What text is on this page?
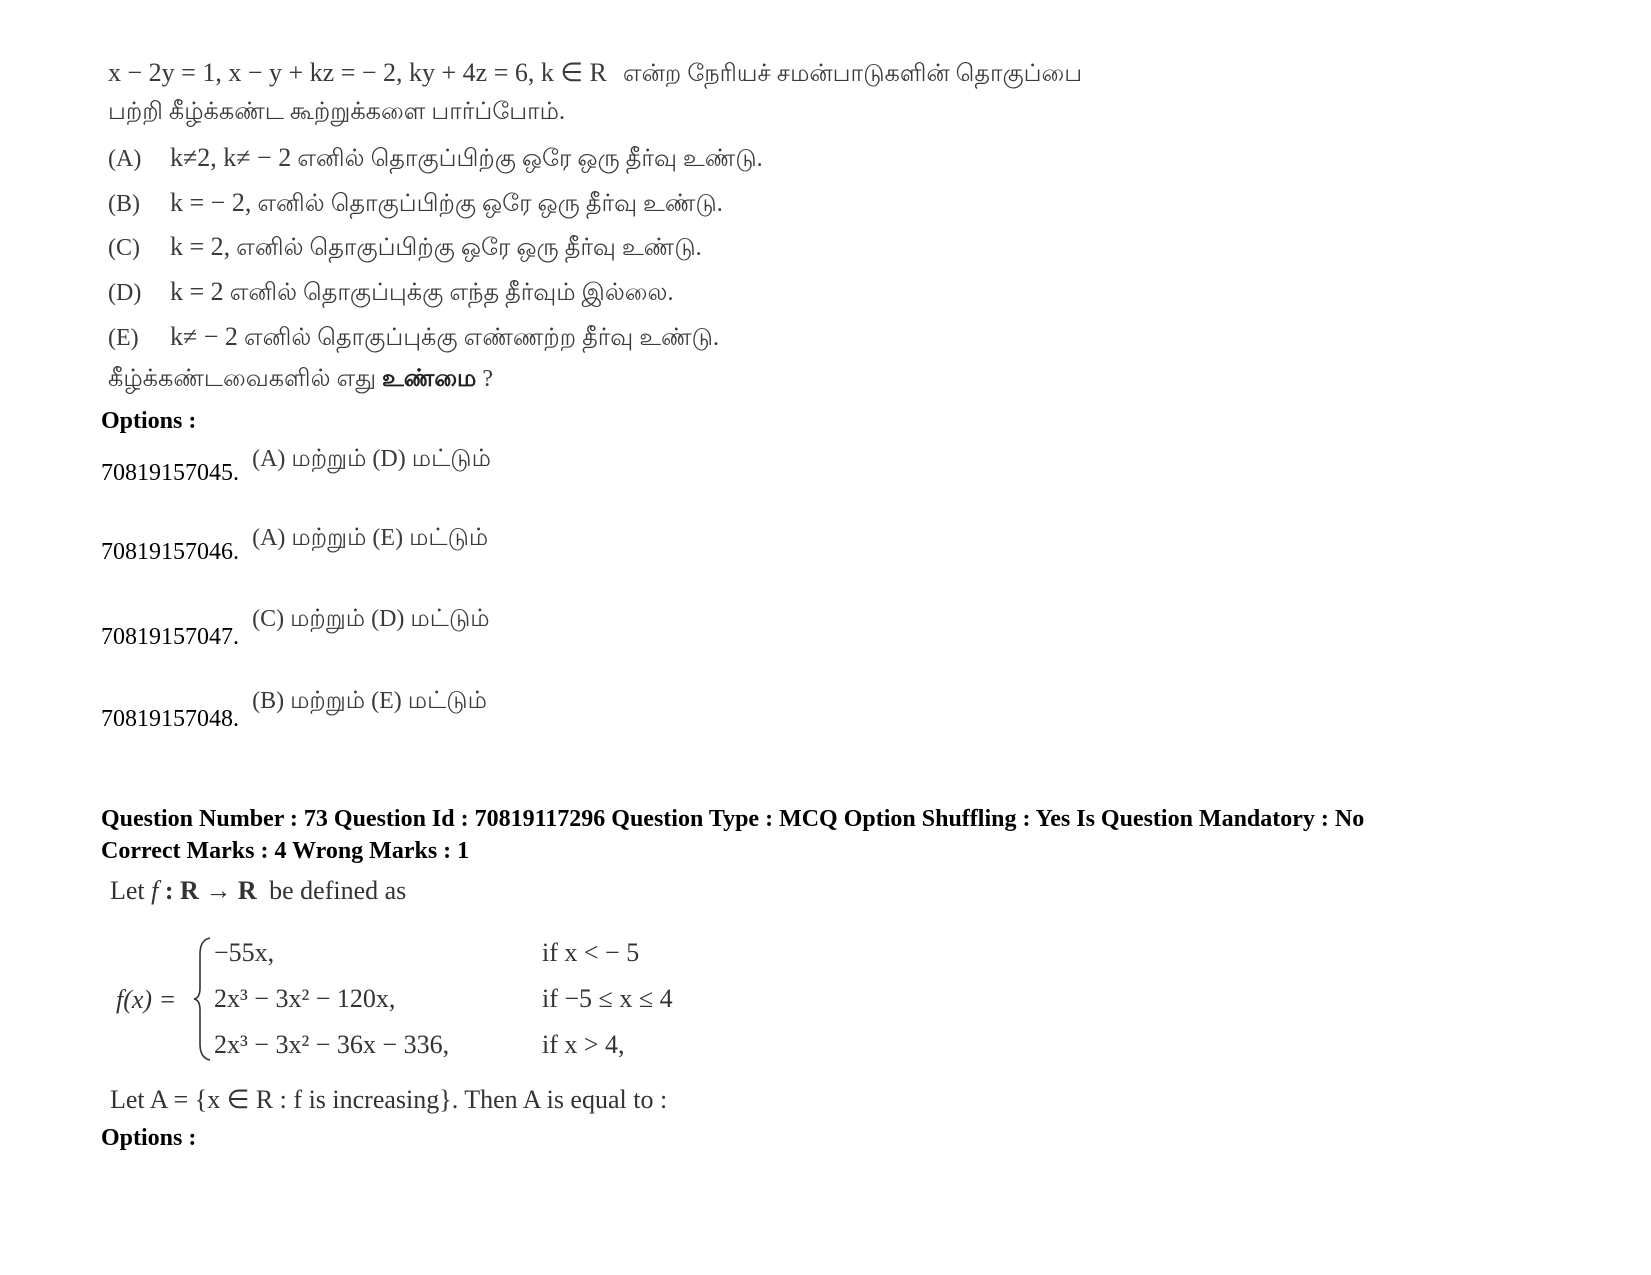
x − 2y = 1, x − y + kz = − 2, ky + 4z = 6, k ∈ R என்ற நேரியச் சமன்பாடுகளின் தொகுப்பை
பற்றி கீழ்க்கண்ட கூற்றுக்களை பார்ப்போம்.
(A) k≠2, k≠ − 2 எனில் தொகுப்பிற்கு ஒரே ஒரு தீர்வு உண்டு.
(B) k = − 2, எனில் தொகுப்பிற்கு ஒரே ஒரு தீர்வு உண்டு.
(C) k = 2, எனில் தொகுப்பிற்கு ஒரே ஒரு தீர்வு உண்டு.
(D) k = 2 எனில் தொகுப்புக்கு எந்த தீர்வும் இல்லை.
(E) k≠ − 2 எனில் தொகுப்புக்கு எண்ணற்ற தீர்வு உண்டு.
கீழ்க்கண்டவைகளில் எது உண்மை ?
Options :
70819157045. (A) மற்றும் (D) மட்டும்
70819157046. (A) மற்றும் (E) மட்டும்
70819157047. (C) மற்றும் (D) மட்டும்
70819157048. (B) மற்றும் (E) மட்டும்
Question Number : 73 Question Id : 70819117296 Question Type : MCQ Option Shuffling : Yes Is Question Mandatory : No
Correct Marks : 4 Wrong Marks : 1
Let f : R → R be defined as
f(x) =
−55x,	if x < − 5
2x³ − 3x² − 120x,	if −5 ≤ x ≤ 4
2x³ − 3x² − 36x − 336,	if x > 4,
Let A = {x ∈ R : f is increasing}. Then A is equal to :
Options :
